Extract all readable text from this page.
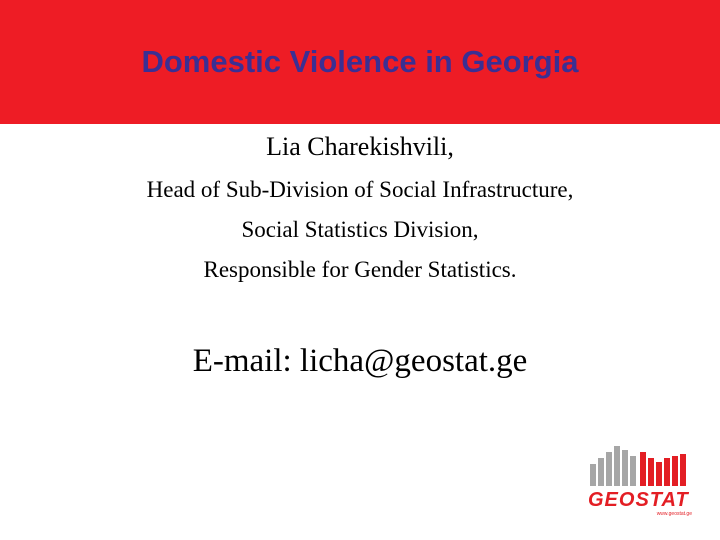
Domestic Violence in Georgia
Lia Charekishvili,
Head of Sub-Division of Social Infrastructure,
Social Statistics Division,
Responsible for Gender Statistics.
E-mail: licha@geostat.ge
GEOSTAT
www.geostat.ge
